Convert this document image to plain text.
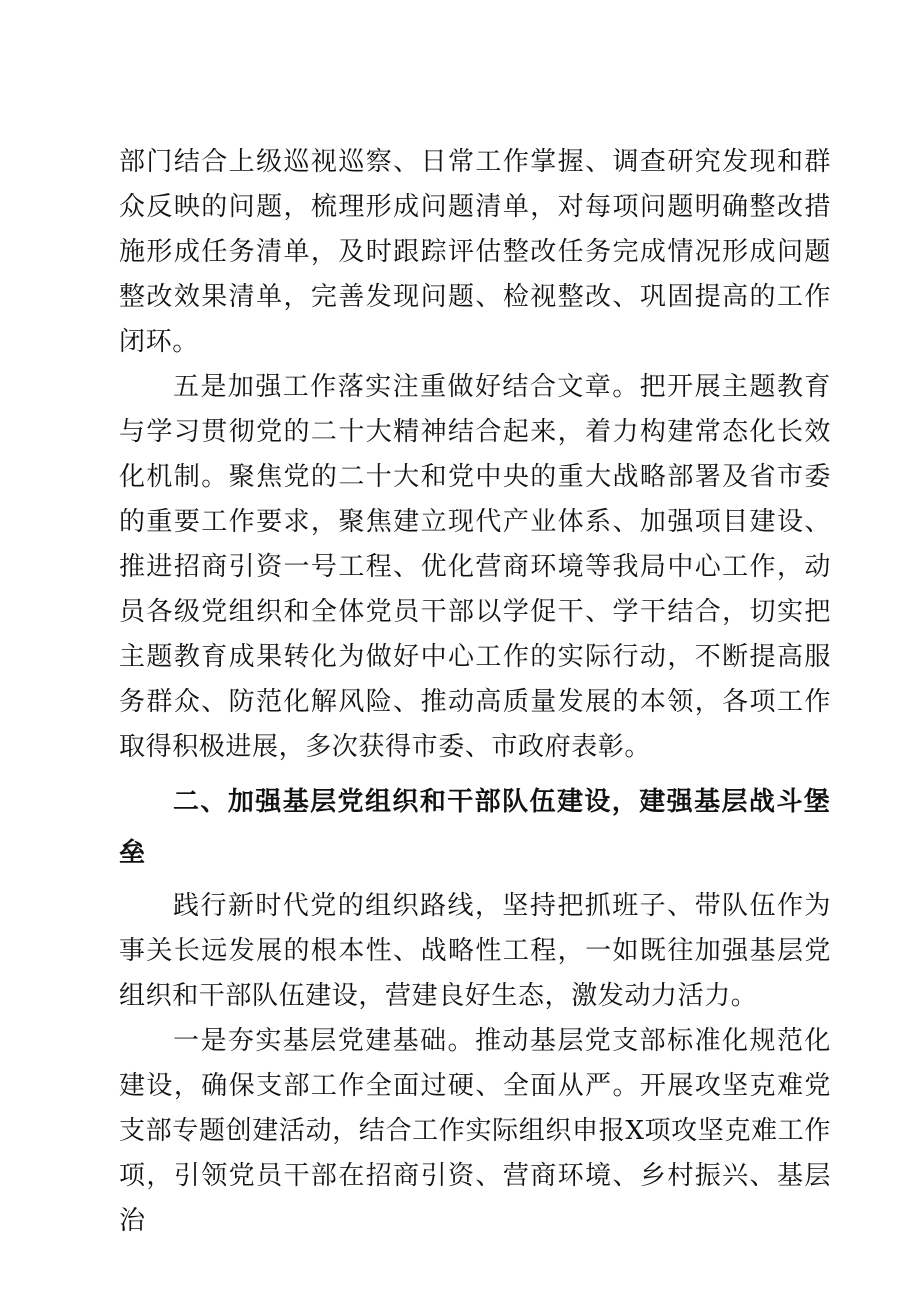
部门结合上级巡视巡察、日常工作掌握、调查研究发现和群众反映的问题，梳理形成问题清单，对每项问题明确整改措施形成任务清单，及时跟踪评估整改任务完成情况形成问题整改效果清单，完善发现问题、检视整改、巩固提高的工作闭环。

五是加强工作落实注重做好结合文章。把开展主题教育与学习贯彻党的二十大精神结合起来，着力构建常态化长效化机制。聚焦党的二十大和党中央的重大战略部署及省市委的重要工作要求，聚焦建立现代产业体系、加强项目建设、推进招商引资一号工程、优化营商环境等我局中心工作，动员各级党组织和全体党员干部以学促干、学干结合，切实把主题教育成果转化为做好中心工作的实际行动，不断提高服务群众、防范化解风险、推动高质量发展的本领，各项工作取得积极进展，多次获得市委、市政府表彰。

二、加强基层党组织和干部队伍建设，建强基层战斗堡垒

践行新时代党的组织路线，坚持把抓班子、带队伍作为事关长远发展的根本性、战略性工程，一如既往加强基层党组织和干部队伍建设，营建良好生态，激发动力活力。

一是夯实基层党建基础。推动基层党支部标准化规范化建设，确保支部工作全面过硬、全面从严。开展攻坚克难党支部专题创建活动，结合工作实际组织申报X项攻坚克难工作项，引领党员干部在招商引资、营商环境、乡村振兴、基层治
